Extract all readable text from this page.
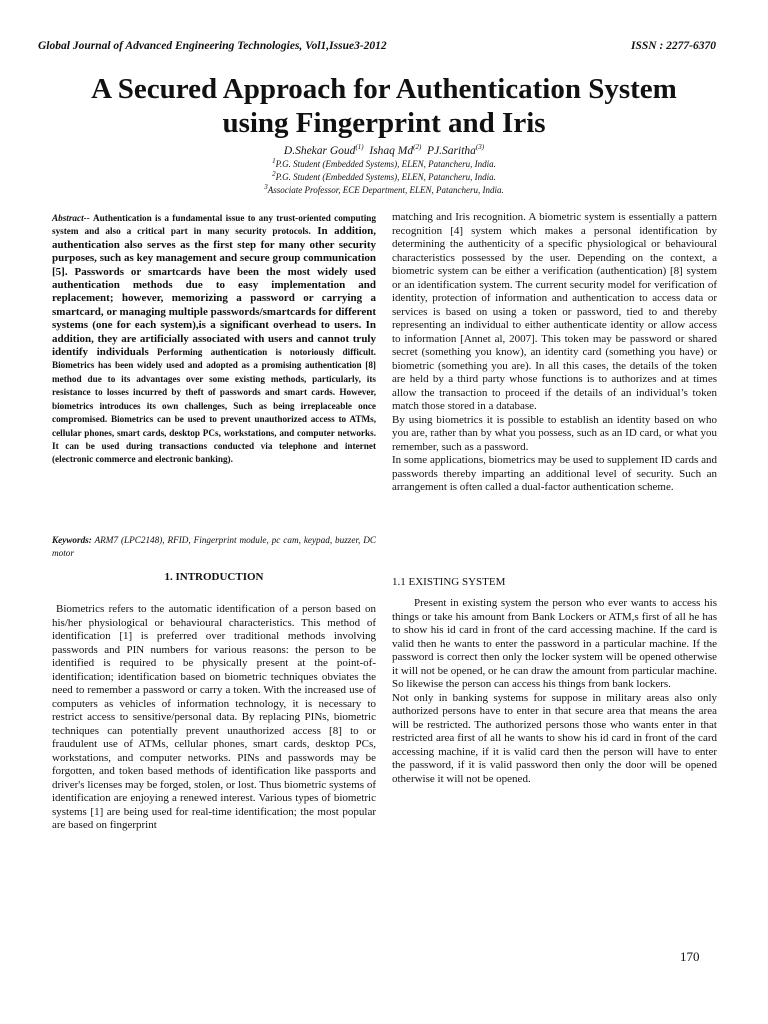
Global Journal of Advanced Engineering Technologies, Vol1,Issue3-2012	ISSN : 2277-6370
A Secured Approach for Authentication System
using Fingerprint and Iris
D.Shekar Goud$^{(1)}$ Ishaq Md$^{(2)}$ PJ.Saritha$^{(3)}$
$^1$P.G. Student (Embedded Systems), ELEN, Patancheru, India.
$^2$P.G. Student (Embedded Systems), ELEN, Patancheru, India.
$^3$Associate Professor, ECE Department, ELEN, Patancheru, India.
Abstract-- Authentication is a fundamental issue to any trust-oriented computing system and also a critical part in many security protocols. In addition, authentication also serves as the first step for many other security purposes, such as key management and secure group communication [5]. Passwords or smartcards have been the most widely used authentication methods due to easy implementation and replacement; however, memorizing a password or carrying a smartcard, or managing multiple passwords/smartcards for different systems (one for each system),is a significant overhead to users. In addition, they are artificially associated with users and cannot truly identify individuals Performing authentication is notoriously difficult. Biometrics has been widely used and adopted as a promising authentication [8] method due to its advantages over some existing methods, particularly, its resistance to losses incurred by theft of passwords and smart cards. However, biometrics introduces its own challenges, Such as being irreplaceable once compromised. Biometrics can be used to prevent unauthorized access to ATMs, cellular phones, smart cards, desktop PCs, workstations, and computer networks. It can be used during transactions conducted via telephone and internet (electronic commerce and electronic banking).
Keywords: ARM7 (LPC2148), RFID, Fingerprint module, pc cam, keypad, buzzer, DC motor
1. INTRODUCTION
Biometrics refers to the automatic identification of a person based on his/her physiological or behavioural characteristics. This method of identification [1] is preferred over traditional methods involving passwords and PIN numbers for various reasons: the person to be identified is required to be physically present at the point-of-identification; identification based on biometric techniques obviates the need to remember a password or carry a token. With the increased use of computers as vehicles of information technology, it is necessary to restrict access to sensitive/personal data. By replacing PINs, biometric techniques can potentially prevent unauthorized access [8] to or fraudulent use of ATMs, cellular phones, smart cards, desktop PCs, workstations, and computer networks. PINs and passwords may be forgotten, and token based methods of identification like passports and driver's licenses may be forged, stolen, or lost. Thus biometric systems of identification are enjoying a renewed interest. Various types of biometric systems [1] are being used for real-time identification; the most popular are based on fingerprint

matching and Iris recognition. A biometric system is essentially a pattern recognition [4] system which makes a personal identification by determining the authenticity of a specific physiological or behavioural characteristics possessed by the user. Depending on the context, a biometric system can be either a verification (authentication) [8] system or an identification system. The current security model for verification of identity, protection of information and authentication to access data or services is based on using a token or password, tied to and thereby representing an individual to either authenticate identity or allow access to information [Annet al, 2007]. This token may be password or shared secret (something you know), an identity card (something you have) or biometric (something you are). In all this cases, the details of the token are held by a third party whose functions is to authorizes and at times allow the transaction to proceed if the details of an individual’s token match those stored in a database.

By using biometrics it is possible to establish an identity based on who you are, rather than by what you possess, such as an ID card, or what you remember, such as a password.

In some applications, biometrics may be used to supplement ID cards and passwords thereby imparting an additional level of security. Such an arrangement is often called a dual-factor authentication scheme.

1.1 EXISTING SYSTEM

Present in existing system the person who ever wants to access his things or take his amount from Bank Lockers or ATM,s first of all he has to show his id card in front of the card accessing machine. If the card is valid then he wants to enter the password in a particular machine. If the password is correct then only the locker system will be opened otherwise it will not be opened, or he can draw the amount from particular machine. So likewise the person can access his things from bank lockers.

Not only in banking systems for suppose in military areas also only authorized persons have to enter in that secure area that means the area will be restricted. The authorized persons those who wants enter in that restricted area first of all he wants to show his id card in front of the card accessing machine, if it is valid card then the person will have to enter the password, if it is valid password then only the door will be opened otherwise it will not be opened.

170
